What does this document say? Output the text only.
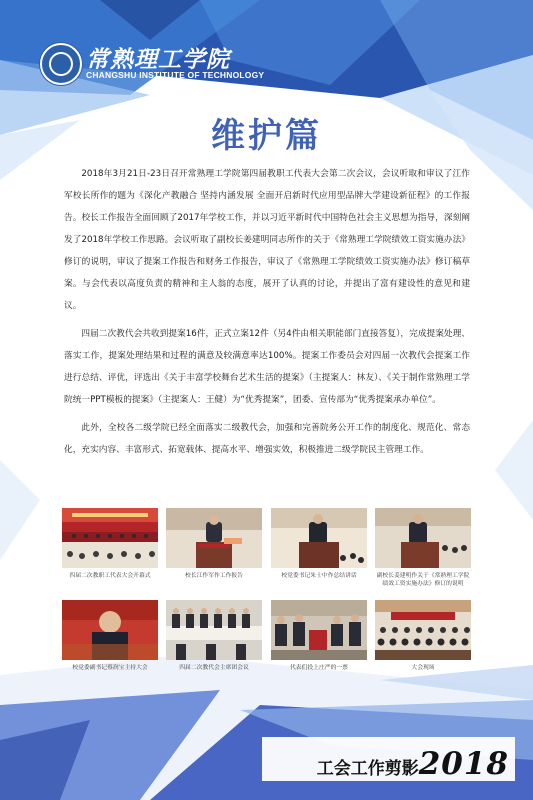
常熟理工学院
CHANGSHU INSTITUTE OF TECHNOLOGY
维护篇

2018年3月21日-23日召开常熟理工学院第四届教职工代表大会第二次会议，会议听取和审议了江作军校长所作的题为《深化产教融合 坚持内涵发展 全面开启新时代应用型品牌大学建设新征程》的工作报告。校长工作报告全面回顾了2017年学校工作，并以习近平新时代中国特色社会主义思想为指导，深刻阐发了2018年学校工作思路。会议听取了副校长姜建明同志所作的关于《常熟理工学院绩效工资实施办法》修订的说明，审议了提案工作报告和财务工作报告，审议了《常熟理工学院绩效工资实施办法》修订稿草案。与会代表以高度负责的精神和主人翁的态度，展开了认真的讨论，并提出了富有建设性的意见和建议。

四届二次教代会共收到提案16件，正式立案12件（另4件由相关职能部门直接答复），完成提案处理、落实工作，提案处理结果和过程的满意及较满意率达100%。提案工作委员会对四届一次教代会提案工作进行总结、评优，评选出《关于丰富学校舞台艺术生活的提案》（主提案人：林友）、《关于制作常熟理工学院统一PPT模板的提案》（主提案人：王健）为“优秀提案”，团委、宣传部为“优秀提案承办单位”。

此外，全校各二级学院已经全面落实二级教代会，加强和完善院务公开工作的制度化、规范化、常态化，充实内容、丰富形式、拓宽载体、提高水平、增强实效，积极推进二级学院民主管理工作。

四届二次教职工代表大会开幕式	校长江作军作工作报告	校党委书记朱士中作总结讲话	副校长姜建明作关于《常熟理工学院绩效工资实施办法》修订的说明
校党委副书记蔡润宝主持大会	四届二次教代会主席团会议	代表们投上庄严的一票	大会现场
工会工作剪影2018
